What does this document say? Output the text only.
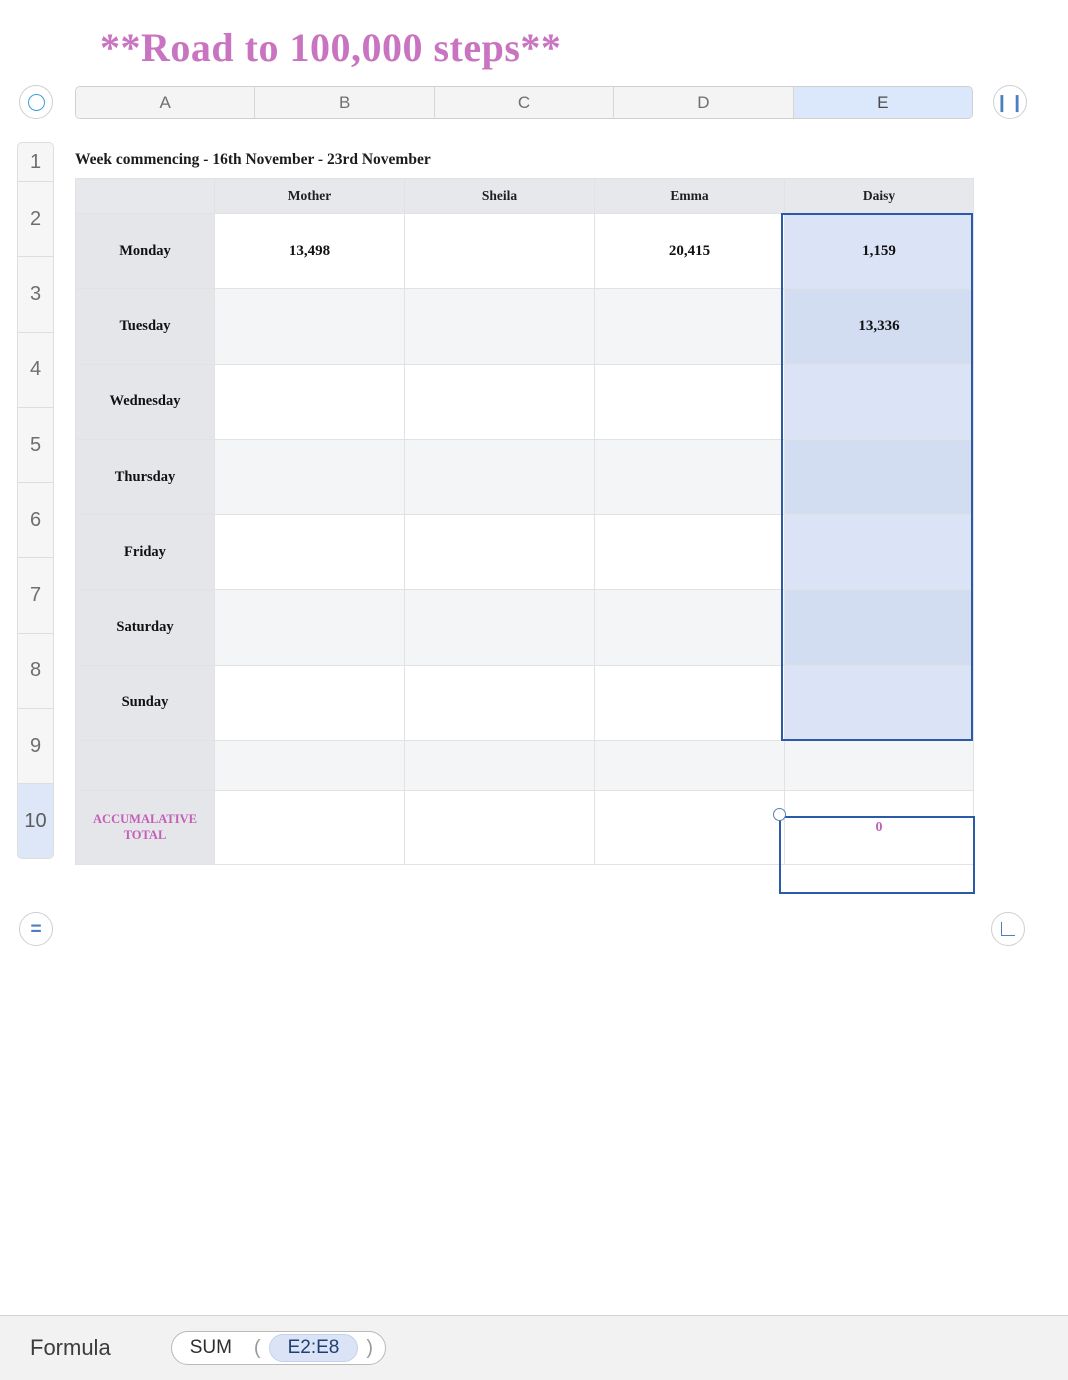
**Road to 100,000 steps**
❙❙
A	B	C	D	E
1
2
3
4
5
6
7
8
9
10
Week commencing - 16th November - 23rd November
	Mother	Sheila	Emma	Daisy
Monday	13,498		20,415	1,159
Tuesday				13,336
Wednesday				
Thursday				
Friday				
Saturday				
Sunday				

ACCUMALATIVE TOTAL				0
=
Formula	SUM	(	E2:E8	)
